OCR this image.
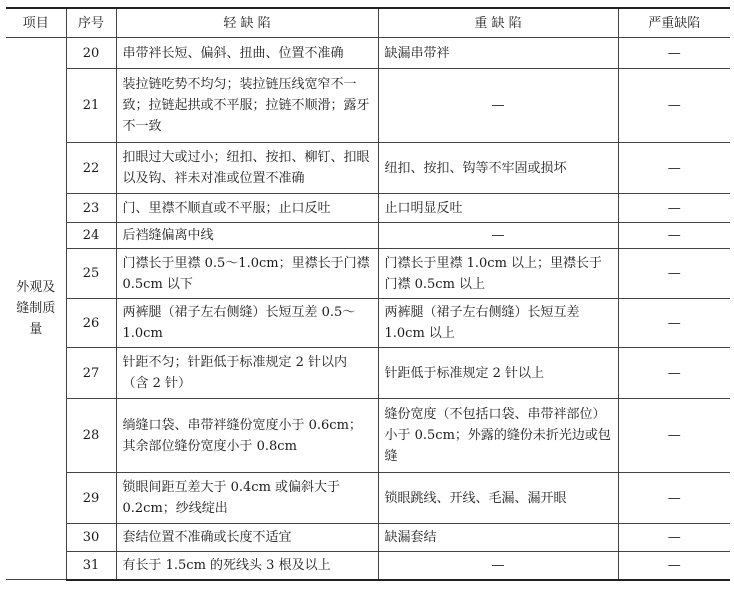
项目	序号	轻 缺 陷	重 缺 陷	严重缺陷
外观及缝制质量	20	串带袢长短、偏斜、扭曲、位置不准确	缺漏串带袢	—
	21	装拉链吃势不均匀；装拉链压线宽窄不一致；拉链起拱或不平服；拉链不顺滑；露牙不一致	—	—
	22	扣眼过大或过小；纽扣、按扣、柳钉、扣眼以及钩、袢未对准或位置不准确	纽扣、按扣、钩等不牢固或损坏	—
	23	门、里襟不顺直或不平服；止口反吐	止口明显反吐	—
	24	后裆缝偏离中线	—	—
	25	门襟长于里襟 0.5～1.0cm；里襟长于门襟 0.5cm 以下	门襟长于里襟 1.0cm 以上；里襟长于门襟 0.5cm 以上	—
	26	两裤腿（裙子左右侧缝）长短互差 0.5～1.0cm	两裤腿（裙子左右侧缝）长短互差 1.0cm 以上	—
	27	针距不匀；针距低于标准规定 2 针以内（含 2 针）	针距低于标准规定 2 针以上	—
	28	绱缝口袋、串带袢缝份宽度小于 0.6cm；其余部位缝份宽度小于 0.8cm	缝份宽度（不包括口袋、串带袢部位）小于 0.5cm；外露的缝份未折光边或包缝	—
	29	锁眼间距互差大于 0.4cm 或偏斜大于 0.2cm；纱线绽出	锁眼跳线、开线、毛漏、漏开眼	—
	30	套结位置不准确或长度不适宜	缺漏套结	—
	31	有长于 1.5cm 的死线头 3 根及以上	—	—
